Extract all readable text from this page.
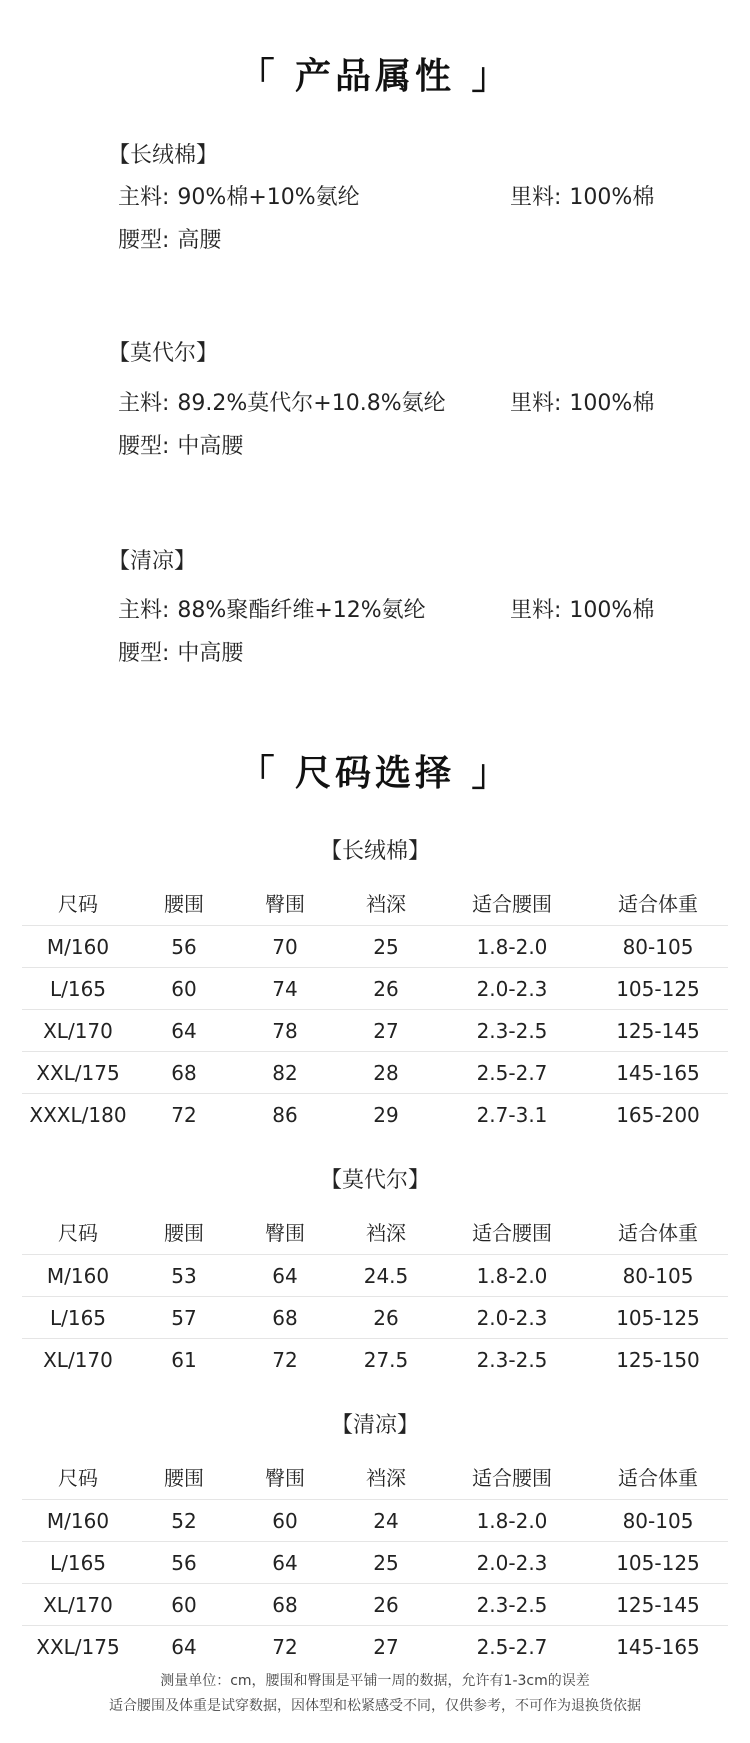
「 产品属性 」
【长绒棉】
主料: 90%棉+10%氨纶	里料: 100%棉
腰型: 高腰
【莫代尔】
主料: 89.2%莫代尔+10.8%氨纶	里料: 100%棉
腰型: 中高腰
【清凉】
主料: 88%聚酯纤维+12%氨纶	里料: 100%棉
腰型: 中高腰
「 尺码选择 」
【长绒棉】
尺码	腰围	臀围	裆深	适合腰围	适合体重
M/160	56	70	25	1.8-2.0	80-105
L/165	60	74	26	2.0-2.3	105-125
XL/170	64	78	27	2.3-2.5	125-145
XXL/175	68	82	28	2.5-2.7	145-165
XXXL/180	72	86	29	2.7-3.1	165-200
【莫代尔】
尺码	腰围	臀围	裆深	适合腰围	适合体重
M/160	53	64	24.5	1.8-2.0	80-105
L/165	57	68	26	2.0-2.3	105-125
XL/170	61	72	27.5	2.3-2.5	125-150
【清凉】
尺码	腰围	臀围	裆深	适合腰围	适合体重
M/160	52	60	24	1.8-2.0	80-105
L/165	56	64	25	2.0-2.3	105-125
XL/170	60	68	26	2.3-2.5	125-145
XXL/175	64	72	27	2.5-2.7	145-165
测量单位：cm，腰围和臀围是平铺一周的数据，允许有1-3cm的误差
适合腰围及体重是试穿数据，因体型和松紧感受不同，仅供参考，不可作为退换货依据
